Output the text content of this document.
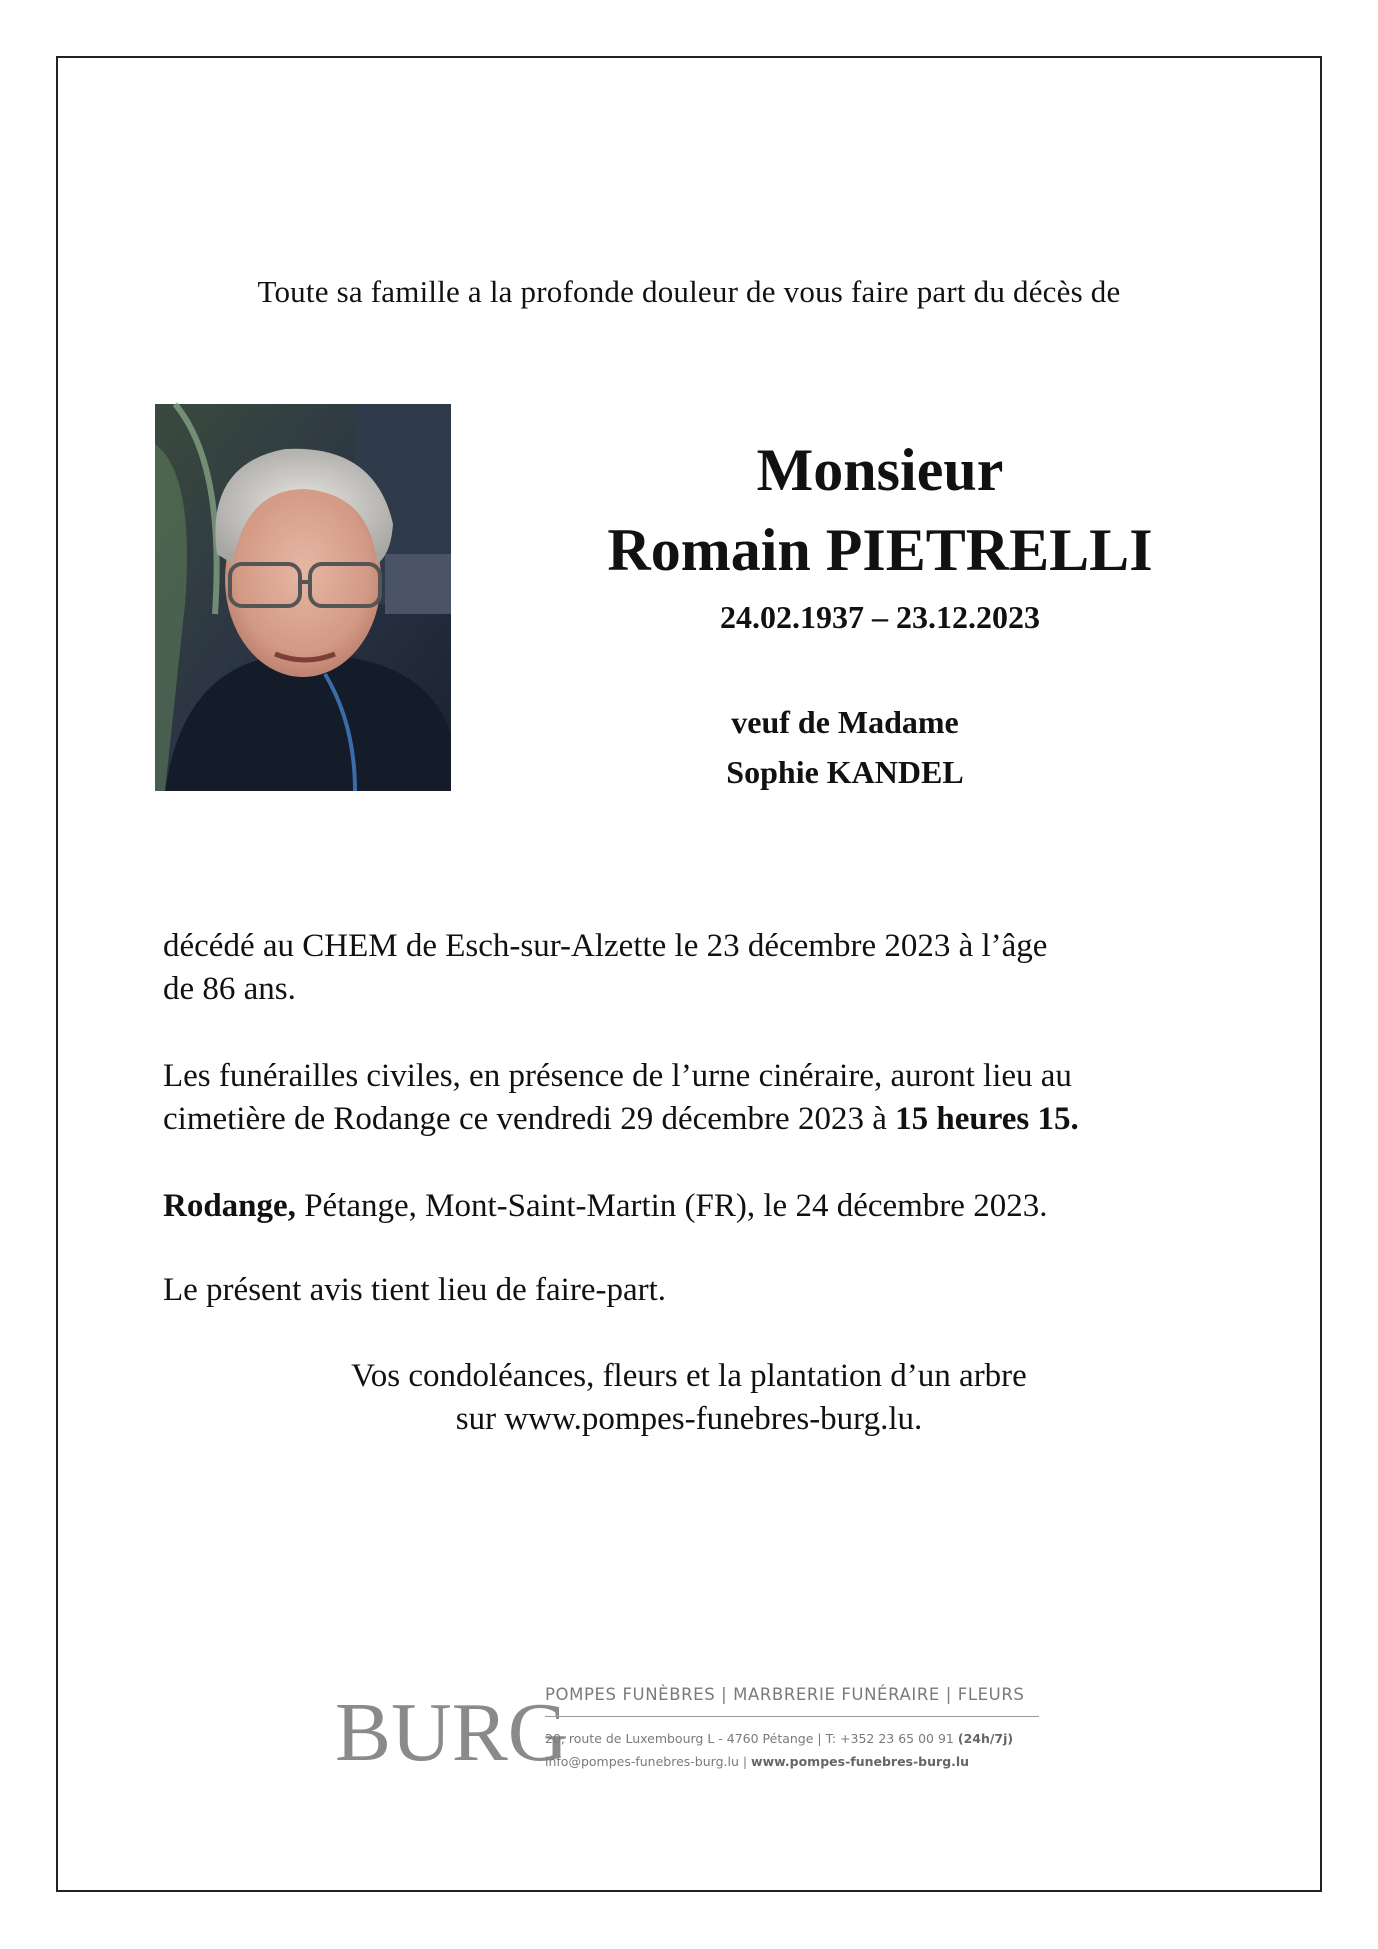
Toute sa famille a la profonde douleur de vous faire part du décès de
Monsieur
Romain PIETRELLI
24.02.1937 – 23.12.2023
veuf de Madame
Sophie KANDEL
décédé au CHEM de Esch-sur-Alzette le 23 décembre 2023 à l’âge
de 86 ans.
Les funérailles civiles, en présence de l’urne cinéraire, auront lieu au
cimetière de Rodange ce vendredi 29 décembre 2023 à 15 heures 15.
Rodange, Pétange, Mont-Saint-Martin (FR), le 24 décembre 2023.
Le présent avis tient lieu de faire-part.
Vos condoléances, fleurs et la plantation d’un arbre
sur www.pompes-funebres-burg.lu.
BURG
POMPES FUNÈBRES | MARBRERIE FUNÉRAIRE | FLEURS
20, route de Luxembourg L - 4760 Pétange | T: +352 23 65 00 91 (24h/7j)
info@pompes-funebres-burg.lu | www.pompes-funebres-burg.lu
